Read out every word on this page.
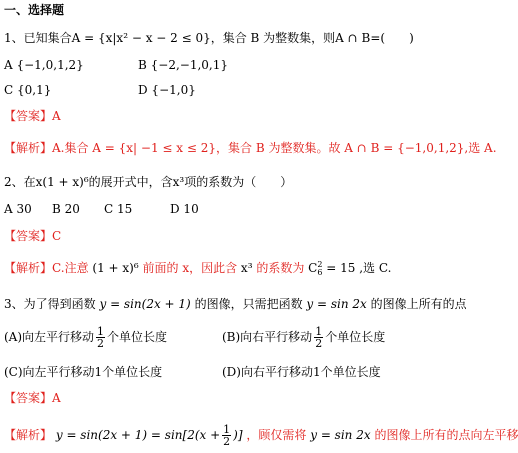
一、选择题
1、已知集合A = {x|x² − x − 2 ≤ 0}，集合 B 为整数集，则A ∩ B=(　　)
A {−1,0,1,2}	B {−2,−1,0,1}
C {0,1}	D {−1,0}
【答案】A
【解析】A.集合 A = {x| −1 ≤ x ≤ 2}，集合 B 为整数集。故 A ∩ B = {−1,0,1,2},选 A.
2、在x(1 + x)⁶的展开式中，含x³项的系数为（　　）
A 30 B 20 C 15	D 10
【答案】C
【解析】C.注意 (1 + x)⁶ 前面的 x，因此含 x³ 的系数为 C 2
6 = 15 ,选 C.
3、为了得到函数 y = sin(2x + 1) 的图像，只需把函数 y = sin 2x 的图像上所有的点
(A)向左平行移动 $\frac{1}{2}$ 个单位长度	(B)向右平行移动 $\frac{1}{2}$ 个单位长度
(C)向左平行移动1个单位长度	(D)向右平行移动1个单位长度
【答案】A
【解析】 $y = \sin(2x + 1) = \sin[2(x + \frac{1}{2}$ )] ，顾仅需将 y = sin 2x 的图像上所有的点向左平移
